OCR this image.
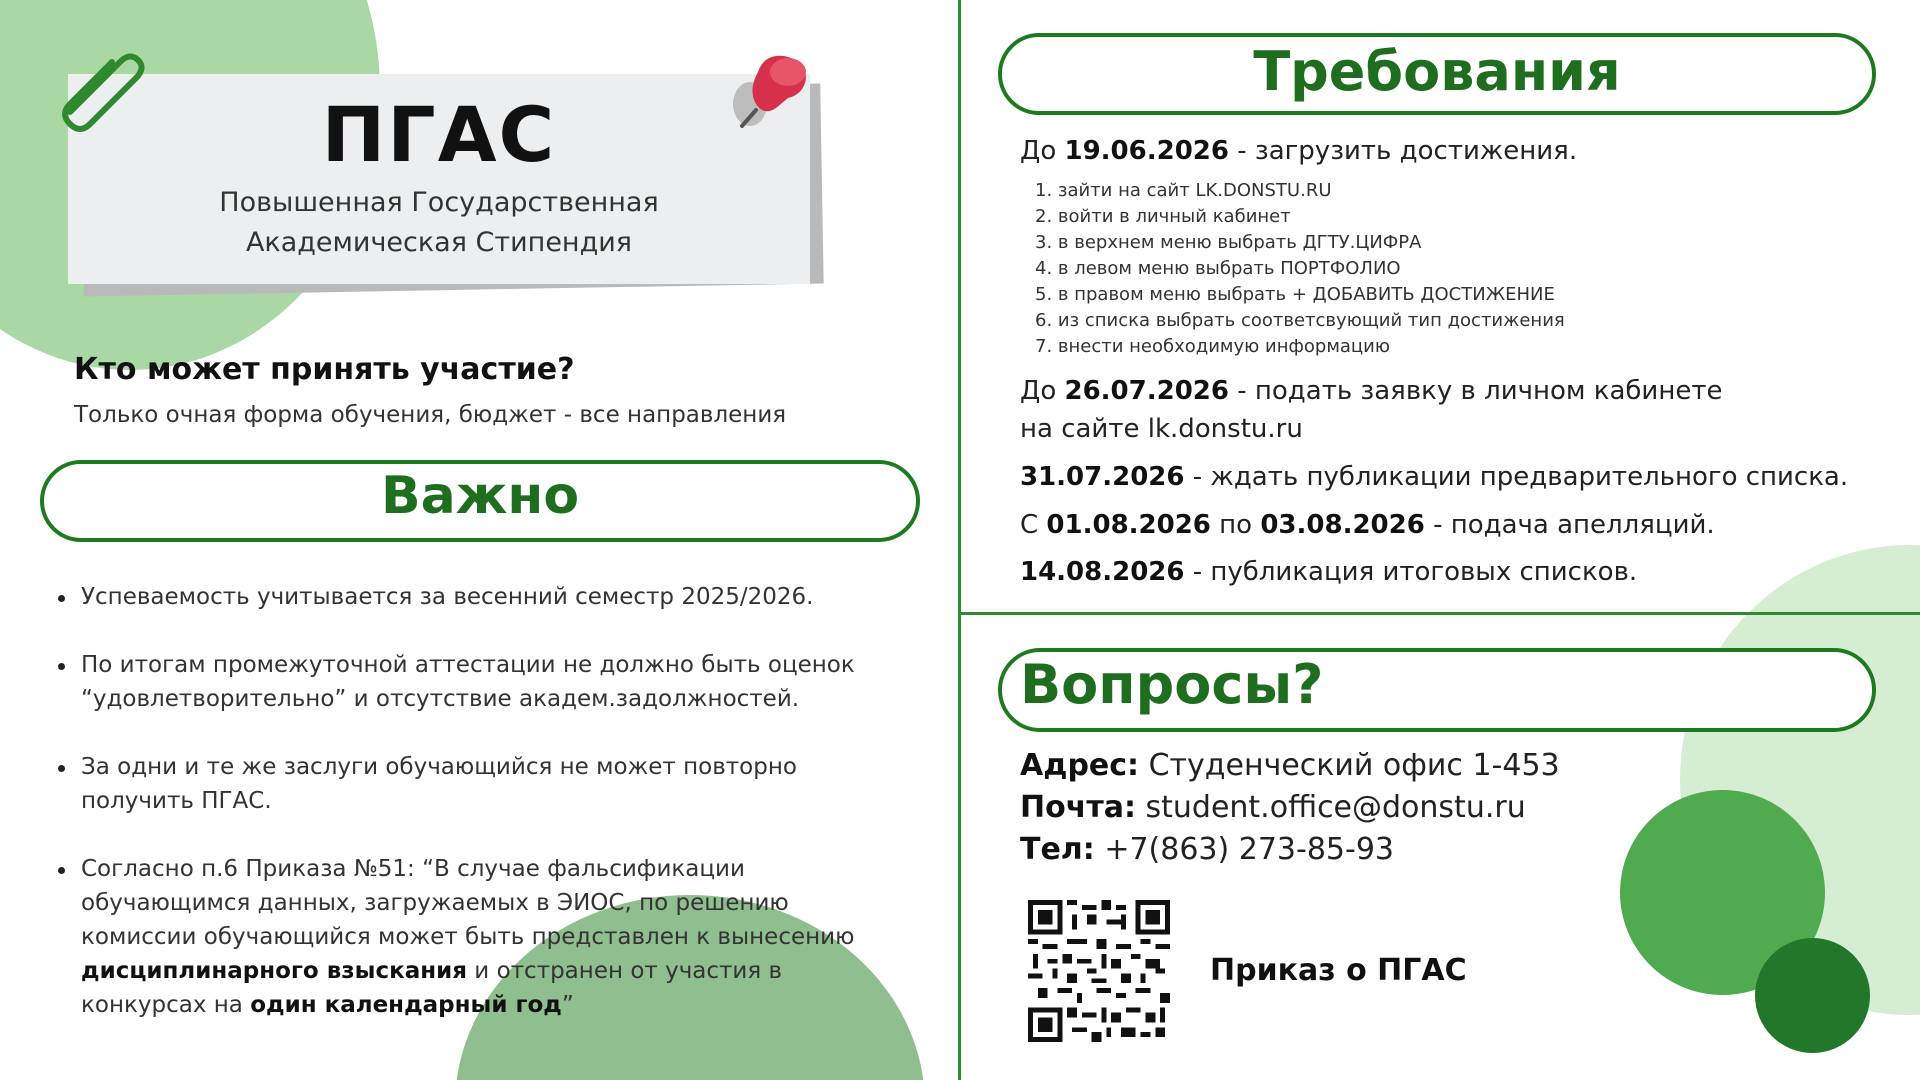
ПГАС
Повышенная Государственная
Академическая Стипендия
Кто может принять участие?
Только очная форма обучения, бюджет - все направления
Важно
Успеваемость учитывается за весенний семестр 2025/2026.
По итогам промежуточной аттестации не должно быть оценок
“удовлетворительно” и отсутствие академ.задолжностей.
За одни и те же заслуги обучающийся не может повторно
получить ПГАС.
Согласно п.6 Приказа №51: “В случае фальсификации
обучающимся данных, загружаемых в ЭИОС, по решению
комиссии обучающийся может быть представлен к вынесению
дисциплинарного взыскания и отстранен от участия в
конкурсах на один календарный год”
Требования
До 19.06.2026 - загрузить достижения.
1. зайти на сайт LK.DONSTU.RU
2. войти в личный кабинет
3. в верхнем меню выбрать ДГТУ.ЦИФРА
4. в левом меню выбрать ПОРТФОЛИО
5. в правом меню выбрать + ДОБАВИТЬ ДОСТИЖЕНИЕ
6. из списка выбрать соответсвующий тип достижения
7. внести необходимую информацию
До 26.07.2026 - подать заявку в личном кабинете
на сайте lk.donstu.ru
31.07.2026 - ждать публикации предварительного списка.
С 01.08.2026 по 03.08.2026 - подача апелляций.
14.08.2026 - публикация итоговых списков.
Вопросы?
Адрес: Студенческий офис 1-453
Почта: student.office@donstu.ru
Тел: +7(863) 273-85-93
Приказ о ПГАС
